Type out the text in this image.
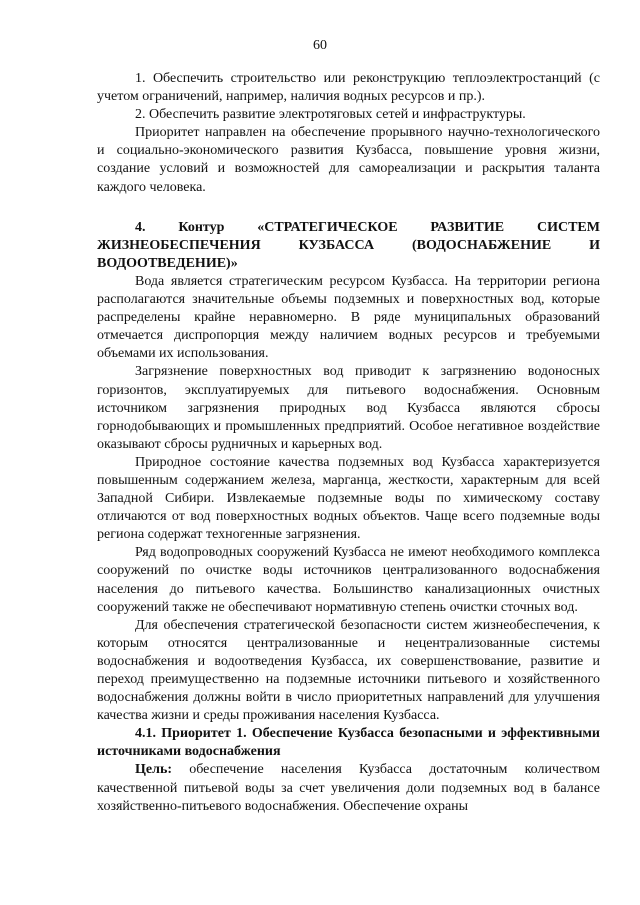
60

1. Обеспечить строительство или реконструкцию теплоэлектростанций (с учетом ограничений, например, наличия водных ресурсов и пр.).

2. Обеспечить развитие электротяговых сетей и инфраструктуры.

Приоритет направлен на обеспечение прорывного научно-технологического и социально-экономического развития Кузбасса, повышение уровня жизни, создание условий и возможностей для самореализации и раскрытия таланта каждого человека.

4. Контур «СТРАТЕГИЧЕСКОЕ РАЗВИТИЕ СИСТЕМ ЖИЗНЕОБЕСПЕЧЕНИЯ КУЗБАССА (ВОДОСНАБЖЕНИЕ И ВОДООТВЕДЕНИЕ)»

Вода является стратегическим ресурсом Кузбасса. На территории региона располагаются значительные объемы подземных и поверхностных вод, которые распределены крайне неравномерно. В ряде муниципальных образований отмечается диспропорция между наличием водных ресурсов и требуемыми объемами их использования.

Загрязнение поверхностных вод приводит к загрязнению водоносных горизонтов, эксплуатируемых для питьевого водоснабжения. Основным источником загрязнения природных вод Кузбасса являются сбросы горнодобывающих и промышленных предприятий. Особое негативное воздействие оказывают сбросы рудничных и карьерных вод.

Природное состояние качества подземных вод Кузбасса характеризуется повышенным содержанием железа, марганца, жесткости, характерным для всей Западной Сибири. Извлекаемые подземные воды по химическому составу отличаются от вод поверхностных водных объектов. Чаще всего подземные воды региона содержат техногенные загрязнения.

Ряд водопроводных сооружений Кузбасса не имеют необходимого комплекса сооружений по очистке воды источников централизованного водоснабжения населения до питьевого качества. Большинство канализационных очистных сооружений также не обеспечивают нормативную степень очистки сточных вод.

Для обеспечения стратегической безопасности систем жизнеобеспечения, к которым относятся централизованные и нецентрализованные системы водоснабжения и водоотведения Кузбасса, их совершенствование, развитие и переход преимущественно на подземные источники питьевого и хозяйственного водоснабжения должны войти в число приоритетных направлений для улучшения качества жизни и среды проживания населения Кузбасса.

4.1. Приоритет 1. Обеспечение Кузбасса безопасными и эффективными источниками водоснабжения

Цель: обеспечение населения Кузбасса достаточным количеством качественной питьевой воды за счет увеличения доли подземных вод в балансе хозяйственно-питьевого водоснабжения. Обеспечение охраны
